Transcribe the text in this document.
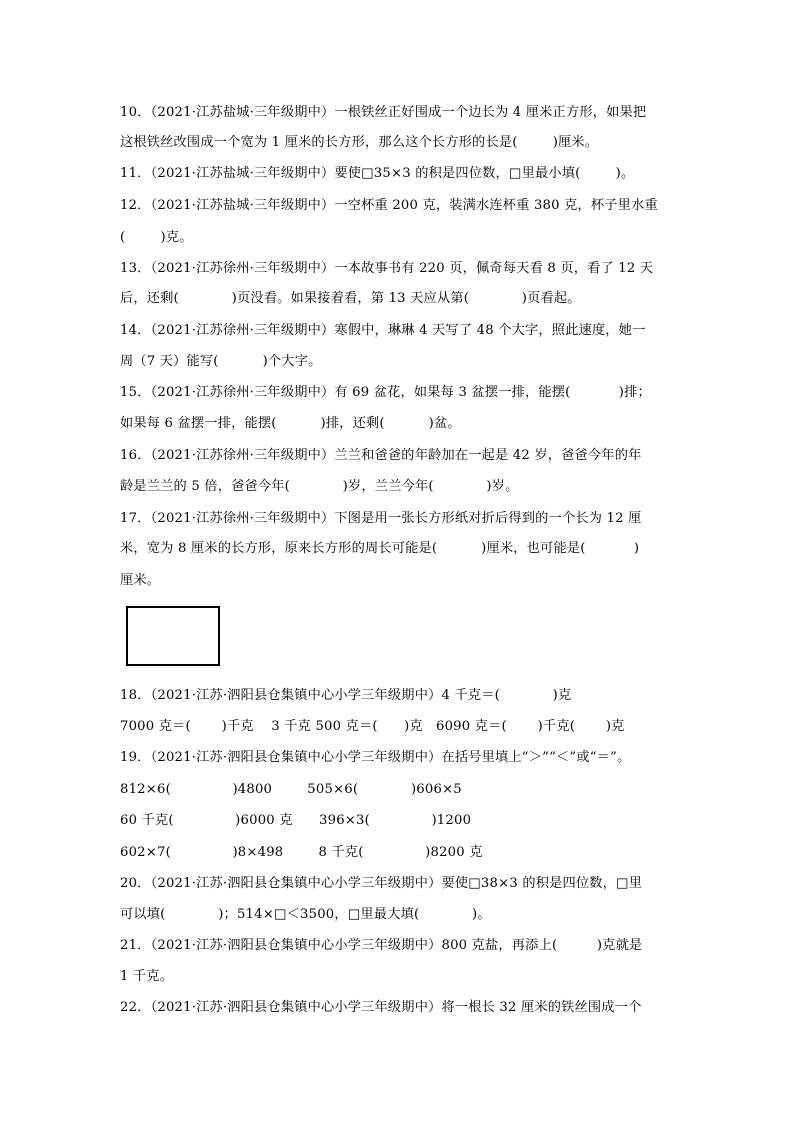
10．（2021·江苏盐城·三年级期中）一根铁丝正好围成一个边长为 4 厘米正方形，如果把
这根铁丝改围成一个宽为 1 厘米的长方形，那么这个长方形的长是(        )厘米。
11．（2021·江苏盐城·三年级期中）要使□35×3 的积是四位数，□里最小填(        )。
12．（2021·江苏盐城·三年级期中）一空杯重 200 克，装满水连杯重 380 克，杯子里水重
(        )克。
13．（2021·江苏徐州·三年级期中）一本故事书有 220 页，佩奇每天看 8 页，看了 12 天
后，还剩(            )页没看。如果接着看，第 13 天应从第(            )页看起。
14．（2021·江苏徐州·三年级期中）寒假中，琳琳 4 天写了 48 个大字，照此速度，她一
周（7 天）能写(          )个大字。
15．（2021·江苏徐州·三年级期中）有 69 盆花，如果每 3 盆摆一排，能摆(           )排；
如果每 6 盆摆一排，能摆(          )排，还剩(          )盆。
16．（2021·江苏徐州·三年级期中）兰兰和爸爸的年龄加在一起是 42 岁，爸爸今年的年
龄是兰兰的 5 倍，爸爸今年(            )岁，兰兰今年(            )岁。
17．（2021·江苏徐州·三年级期中）下图是用一张长方形纸对折后得到的一个长为 12 厘
米，宽为 8 厘米的长方形，原来长方形的周长可能是(          )厘米，也可能是(           )
厘米。
18．（2021·江苏·泗阳县仓集镇中心小学三年级期中）4 千克＝(            )克
7000 克＝(       )千克    3 千克 500 克＝(      )克   6090 克＝(       )千克(       )克
19．（2021·江苏·泗阳县仓集镇中心小学三年级期中）在括号里填上“＞”“＜”或“＝”。
812×6(              )4800        505×6(            )606×5
60 千克(              )6000 克      396×3(              )1200
602×7(              )8×498        8 千克(              )8200 克
20．（2021·江苏·泗阳县仓集镇中心小学三年级期中）要使□38×3 的积是四位数，□里
可以填(            )；514×□＜3500，□里最大填(            )。
21．（2021·江苏·泗阳县仓集镇中心小学三年级期中）800 克盐，再添上(         )克就是
1 千克。
22．（2021·江苏·泗阳县仓集镇中心小学三年级期中）将一根长 32 厘米的铁丝围成一个
